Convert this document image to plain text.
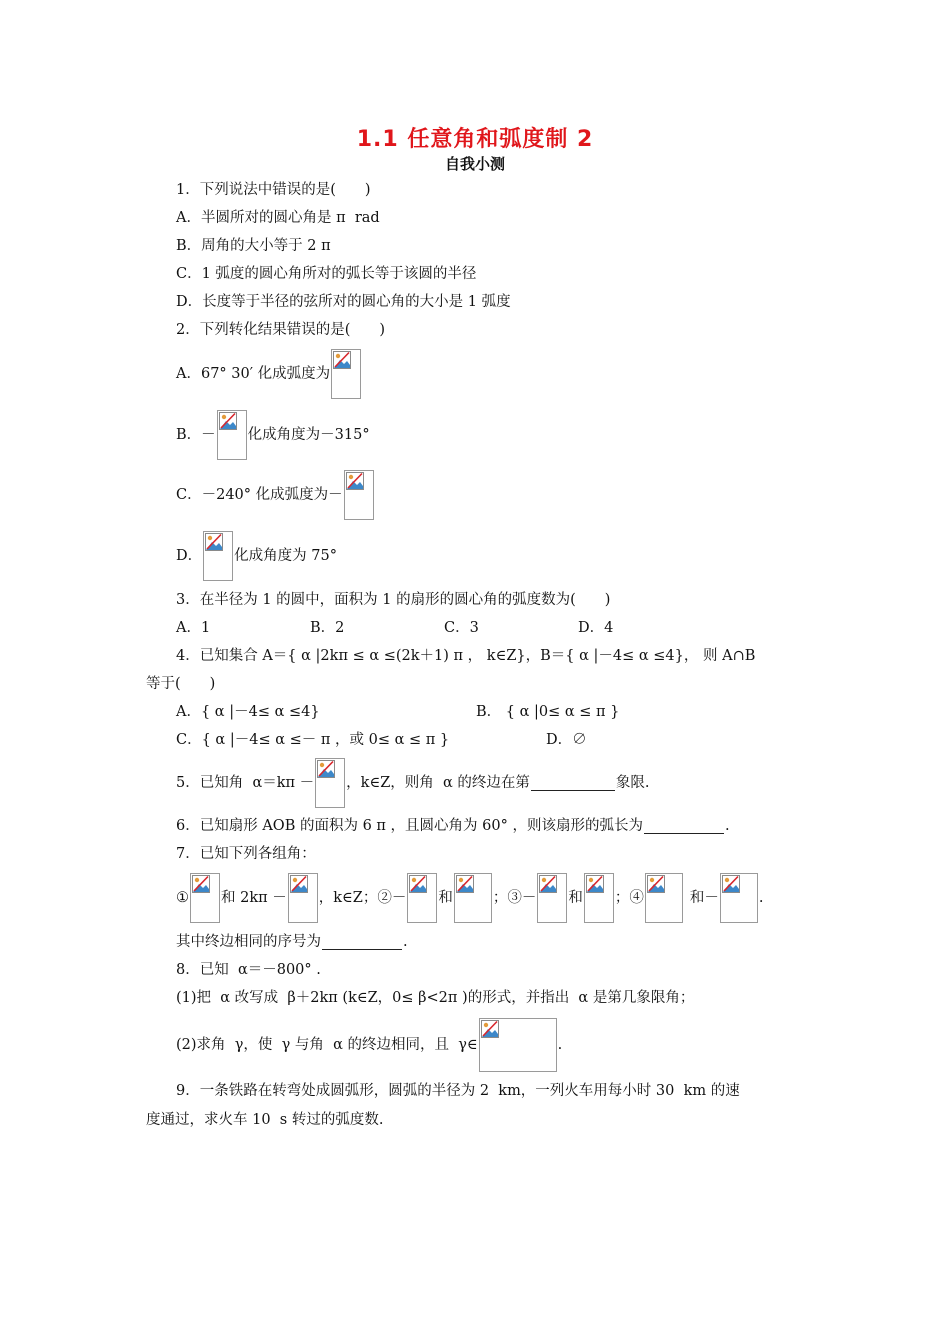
1.1 任意角和弧度制 2
自我小测
1．下列说法中错误的是(　　)
A．半圆所对的圆心角是 π  rad
B．周角的大小等于 2 π
C．1 弧度的圆心角所对的弧长等于该圆的半径
D．长度等于半径的弦所对的圆心角的大小是 1 弧度
2．下列转化结果错误的是(　　)
A．67° 30′ 化成弧度为
B．－ 化成角度为－315°
C．－240° 化成弧度为－
D． 化成角度为 75°
3．在半径为 1 的圆中，面积为 1 的扇形的圆心角的弧度数为(　　)
A．1	B．2	C．3	D．4
4．已知集合 A＝{ α |2kπ ≤ α ≤(2k＋1) π ， k∈Z}，B＝{ α |－4≤ α ≤4}， 则 A∩B
等于(　　)
A．{ α |－4≤ α ≤4}	B． { α |0≤ α ≤ π }
C．{ α |－4≤ α ≤－ π ，或 0≤ α ≤ π }	D．∅
5．已知角  α＝kπ － ，k∈Z，则角  α 的终边在第	象限.
6．已知扇形 AOB 的面积为 6 π ，且圆心角为 60° ，则该扇形的弧长为	.
7．已知下列各组角：
① 和 2kπ － ，k∈Z；②－ 和	；③－ 和 ；④	和－	.
其中终边相同的序号为	.
8．已知  α＝－800° .
(1)把  α 改写成  β＋2kπ (k∈Z，0≤ β<2π )的形式，并指出  α 是第几象限角；
(2)求角  γ，使  γ 与角  α 的终边相同，且  γ∈	.
9．一条铁路在转弯处成圆弧形，圆弧的半径为 2  km，一列火车用每小时 30  km 的速
度通过，求火车 10  s 转过的弧度数.
